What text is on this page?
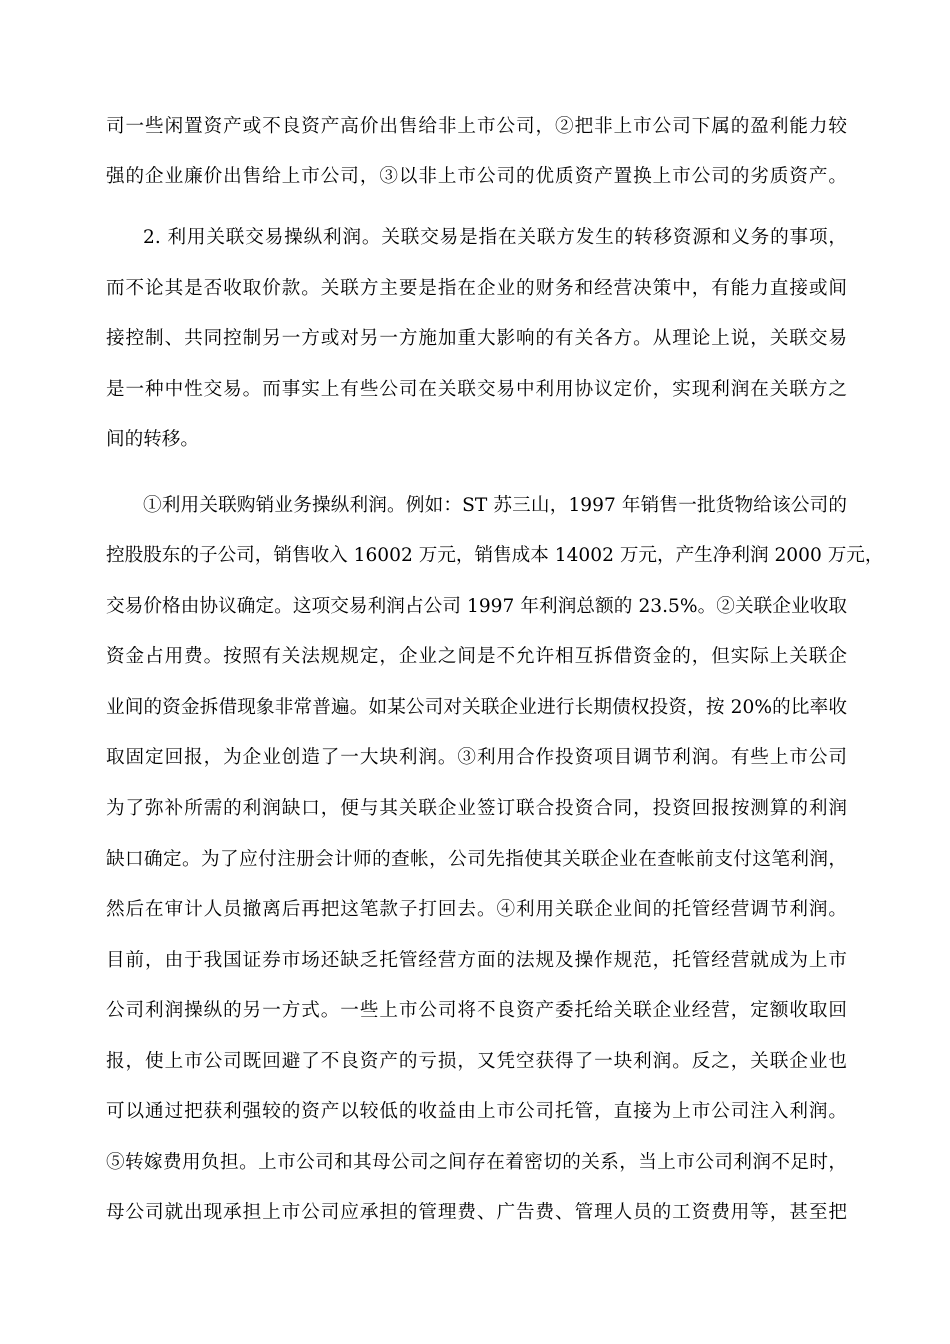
司一些闲置资产或不良资产高价出售给非上市公司，②把非上市公司下属的盈利能力较
强的企业廉价出售给上市公司，③以非上市公司的优质资产置换上市公司的劣质资产。
2. 利用关联交易操纵利润。关联交易是指在关联方发生的转移资源和义务的事项，
而不论其是否收取价款。关联方主要是指在企业的财务和经营决策中，有能力直接或间
接控制、共同控制另一方或对另一方施加重大影响的有关各方。从理论上说，关联交易
是一种中性交易。而事实上有些公司在关联交易中利用协议定价，实现利润在关联方之
间的转移。
①利用关联购销业务操纵利润。例如：ST 苏三山，1997 年销售一批货物给该公司的
控股股东的子公司，销售收入 16002 万元，销售成本 14002 万元，产生净利润 2000 万元，
交易价格由协议确定。这项交易利润占公司 1997 年利润总额的 23.5%。②关联企业收取
资金占用费。按照有关法规规定，企业之间是不允许相互拆借资金的，但实际上关联企
业间的资金拆借现象非常普遍。如某公司对关联企业进行长期债权投资，按 20%的比率收
取固定回报，为企业创造了一大块利润。③利用合作投资项目调节利润。有些上市公司
为了弥补所需的利润缺口，便与其关联企业签订联合投资合同，投资回报按测算的利润
缺口确定。为了应付注册会计师的查帐，公司先指使其关联企业在查帐前支付这笔利润，
然后在审计人员撤离后再把这笔款子打回去。④利用关联企业间的托管经营调节利润。
目前，由于我国证券市场还缺乏托管经营方面的法规及操作规范，托管经营就成为上市
公司利润操纵的另一方式。一些上市公司将不良资产委托给关联企业经营，定额收取回
报，使上市公司既回避了不良资产的亏损，又凭空获得了一块利润。反之，关联企业也
可以通过把获利强较的资产以较低的收益由上市公司托管，直接为上市公司注入利润。
⑤转嫁费用负担。上市公司和其母公司之间存在着密切的关系，当上市公司利润不足时，
母公司就出现承担上市公司应承担的管理费、广告费、管理人员的工资费用等，甚至把
